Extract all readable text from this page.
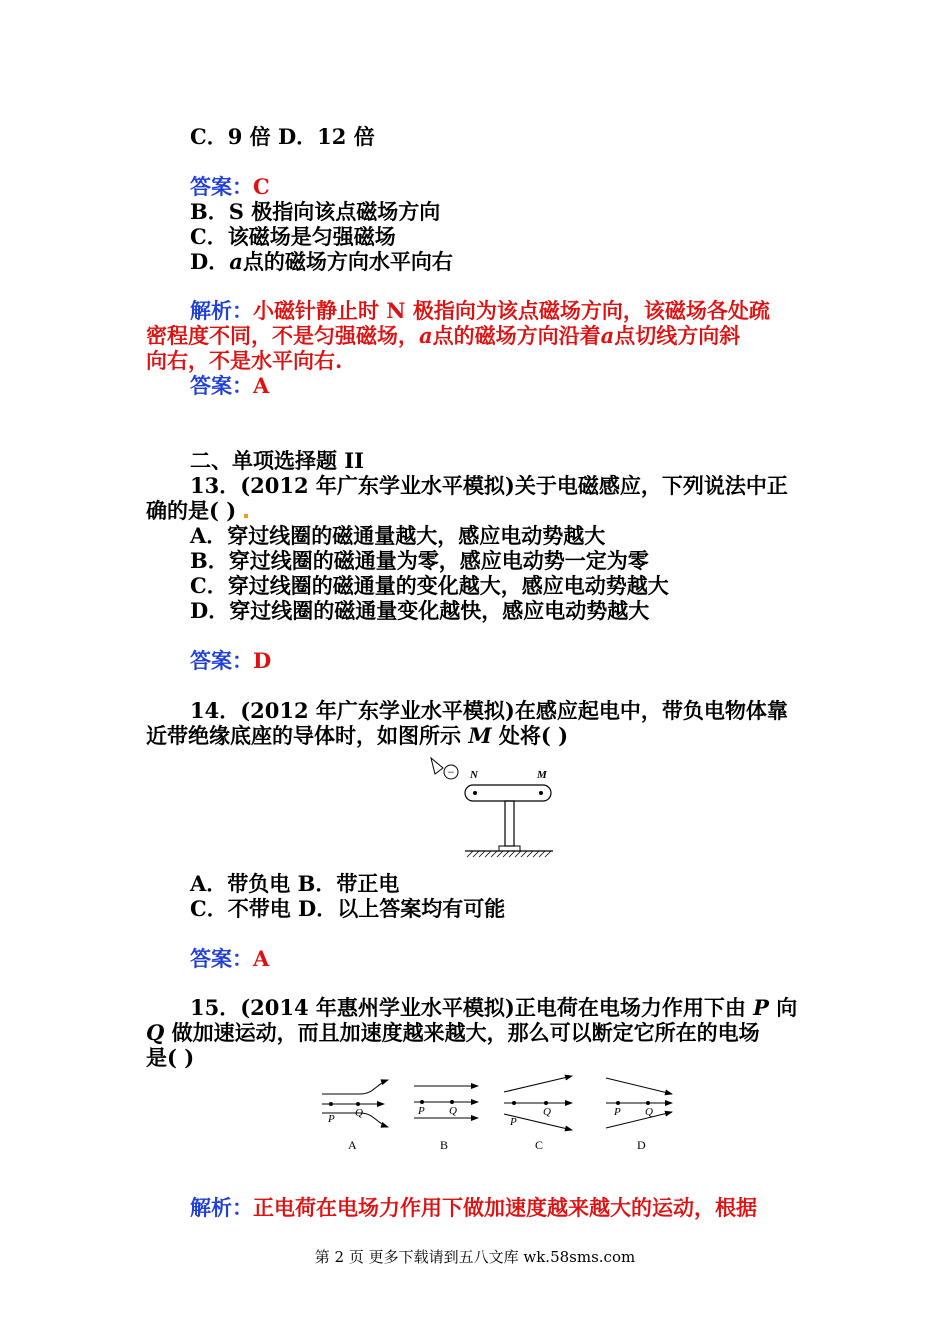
C．9 倍 D．12 倍
答案：C
B．S 极指向该点磁场方向
C．该磁场是匀强磁场
D．a点的磁场方向水平向右
解析：小磁针静止时 N 极指向为该点磁场方向，该磁场各处疏
密程度不同，不是匀强磁场，a点的磁场方向沿着a点切线方向斜
向右，不是水平向右.
答案：A
二、单项选择题 II
13．(2012 年广东学业水平模拟)关于电磁感应，下列说法中正
确的是( )
A．穿过线圈的磁通量越大，感应电动势越大
B．穿过线圈的磁通量为零，感应电动势一定为零
C．穿过线圈的磁通量的变化越大，感应电动势越大
D．穿过线圈的磁通量变化越快，感应电动势越大
答案：D
14．(2012 年广东学业水平模拟)在感应起电中，带负电物体靠
近带绝缘底座的导体时，如图所示 M 处将( )
− N	M
A．带负电 B．带正电
C．不带电 D．以上答案均有可能
答案：A
15．(2014 年惠州学业水平模拟)正电荷在电场力作用下由 P 向
Q 做加速运动，而且加速度越来越大，那么可以断定它所在的电场
是( )
P Q
A
P Q
B
P
Q
C
P Q
D
解析：正电荷在电场力作用下做加速度越来越大的运动，根据
第 2 页 更多下载请到五八文库 wk.58sms.com
